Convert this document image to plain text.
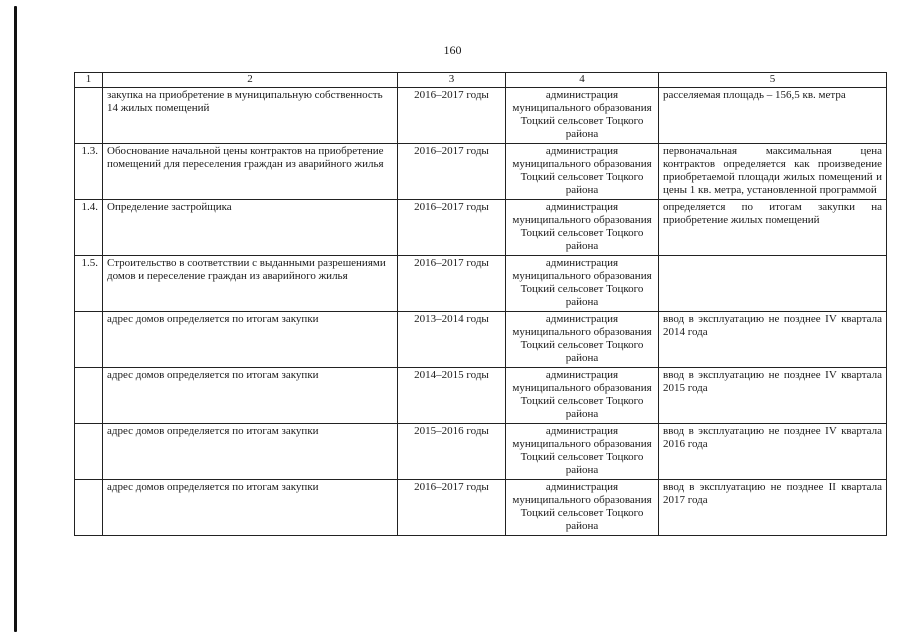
160
1	2	3	4	5
	закупка на приобретение в муниципальную собственность 14 жилых помещений	2016–2017 годы	администрация муниципального образования Тоцкий сельсовет Тоцкого района	расселяемая площадь – 156,5 кв. метра
1.3.	Обоснование начальной цены контрактов на приобретение помещений для переселения граждан из аварийного жилья	2016–2017 годы	администрация муниципального образования Тоцкий сельсовет Тоцкого района	первоначальная максимальная цена контрактов определяется как произведение приобретаемой площади жилых помещений и цены 1 кв. метра, установленной программой
1.4.	Определение застройщика	2016–2017 годы	администрация муниципального образования Тоцкий сельсовет Тоцкого района	определяется по итогам закупки на приобретение жилых помещений
1.5.	Строительство в соответствии с выданными разрешениями домов и переселение граждан из аварийного жилья	2016–2017 годы	администрация муниципального образования Тоцкий сельсовет Тоцкого района	
	адрес домов определяется по итогам закупки	2013–2014 годы	администрация муниципального образования Тоцкий сельсовет Тоцкого района	ввод в эксплуатацию не позднее IV квартала 2014 года
	адрес домов определяется по итогам закупки	2014–2015 годы	администрация муниципального образования Тоцкий сельсовет Тоцкого района	ввод в эксплуатацию не позднее IV квартала 2015 года
	адрес домов определяется по итогам закупки	2015–2016 годы	администрация муниципального образования Тоцкий сельсовет Тоцкого района	ввод в эксплуатацию не позднее IV квартала 2016 года
	адрес домов определяется по итогам закупки	2016–2017 годы	администрация муниципального образования Тоцкий сельсовет Тоцкого района	ввод в эксплуатацию не позднее II квартала 2017 года
